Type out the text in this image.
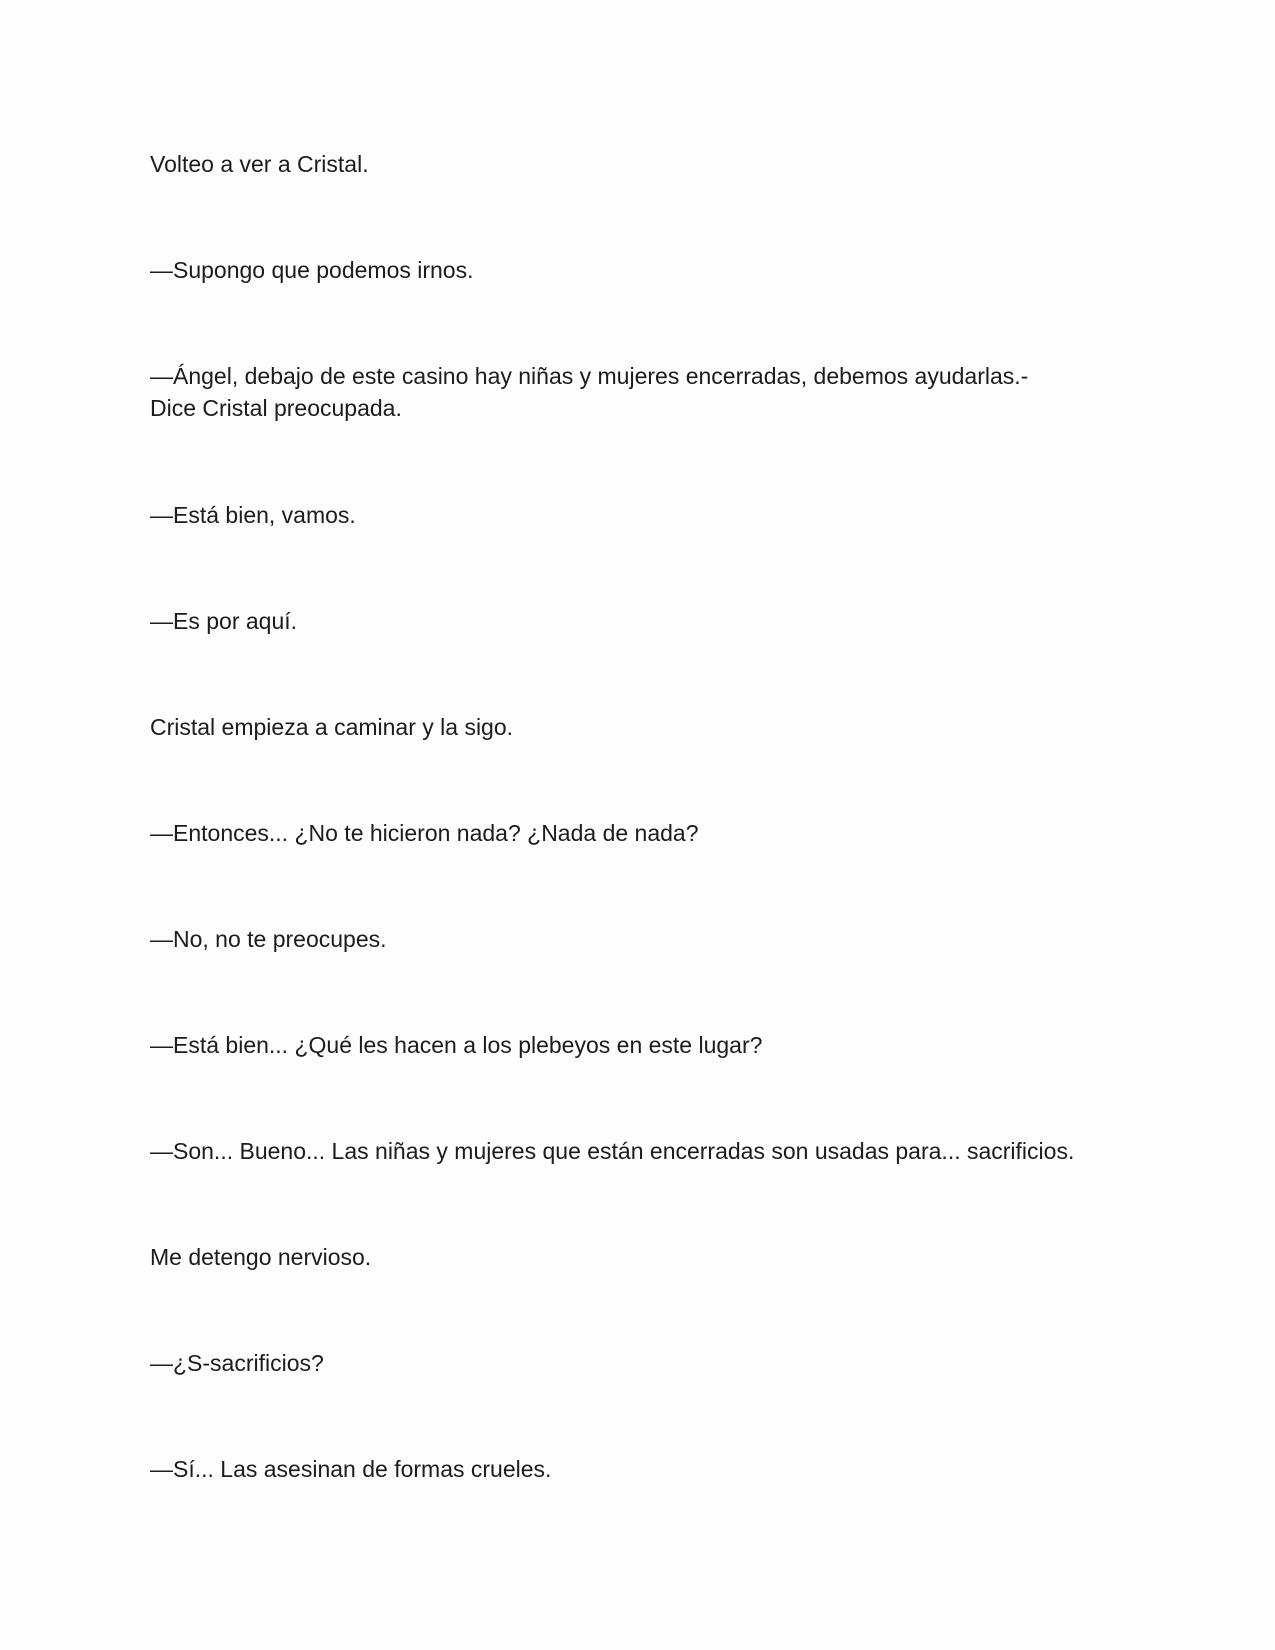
Volteo a ver a Cristal.

—Supongo que podemos irnos.

—Ángel, debajo de este casino hay niñas y mujeres encerradas, debemos ayudarlas.- Dice Cristal preocupada.

—Está bien, vamos.

—Es por aquí.

Cristal empieza a caminar y la sigo.

—Entonces... ¿No te hicieron nada? ¿Nada de nada?

—No, no te preocupes.

—Está bien... ¿Qué les hacen a los plebeyos en este lugar?

—Son... Bueno... Las niñas y mujeres que están encerradas son usadas para... sacrificios.

Me detengo nervioso.

—¿S-sacrificios?

—Sí... Las asesinan de formas crueles.
